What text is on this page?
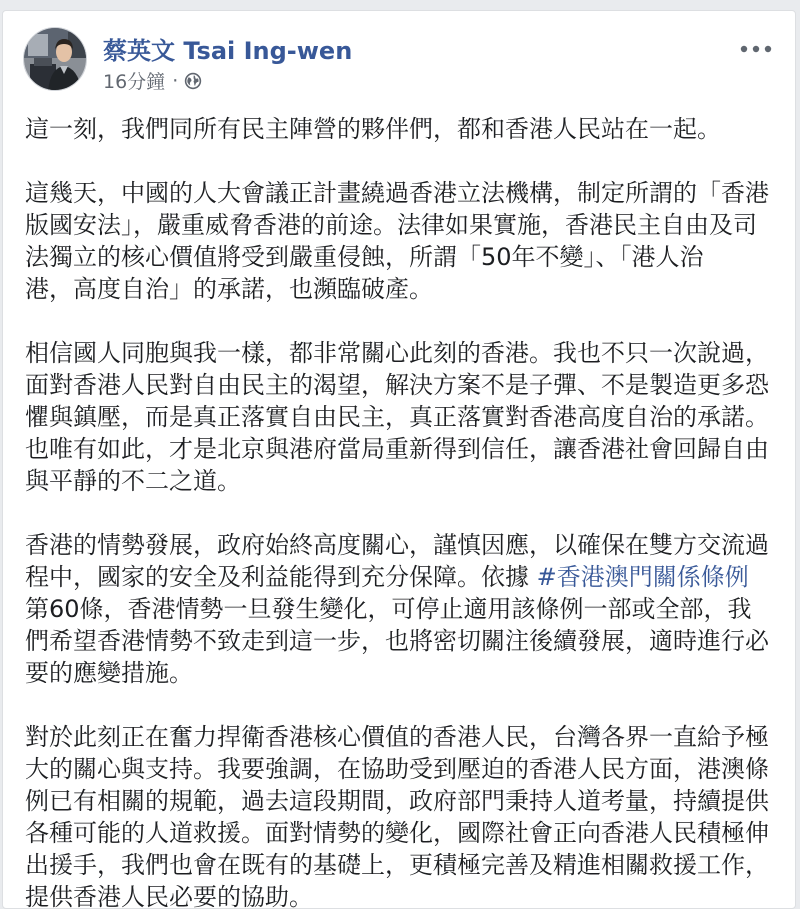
蔡英文 Tsai Ing-wen
16分鐘 ·
這一刻，我們同所有民主陣營的夥伴們，都和香港人民站在一起。
這幾天，中國的人大會議正計畫繞過香港立法機構，制定所謂的「香港
版國安法」，嚴重威脅香港的前途。法律如果實施，香港民主自由及司
法獨立的核心價值將受到嚴重侵蝕，所謂「50年不變」、「港人治
港，高度自治」的承諾，也瀕臨破產。
相信國人同胞與我一樣，都非常關心此刻的香港。我也不只一次說過，
面對香港人民對自由民主的渴望，解決方案不是子彈、不是製造更多恐
懼與鎮壓，而是真正落實自由民主，真正落實對香港高度自治的承諾。
也唯有如此，才是北京與港府當局重新得到信任，讓香港社會回歸自由
與平靜的不二之道。
香港的情勢發展，政府始終高度關心，謹慎因應，以確保在雙方交流過
程中，國家的安全及利益能得到充分保障。依據 #香港澳門關係條例
第60條，香港情勢一旦發生變化，可停止適用該條例一部或全部，我
們希望香港情勢不致走到這一步，也將密切關注後續發展，適時進行必
要的應變措施。
對於此刻正在奮力捍衛香港核心價值的香港人民，台灣各界一直給予極
大的關心與支持。我要強調，在協助受到壓迫的香港人民方面，港澳條
例已有相關的規範，過去這段期間，政府部門秉持人道考量，持續提供
各種可能的人道救援。面對情勢的變化，國際社會正向香港人民積極伸
出援手，我們也會在既有的基礎上，更積極完善及精進相關救援工作，
提供香港人民必要的協助。
